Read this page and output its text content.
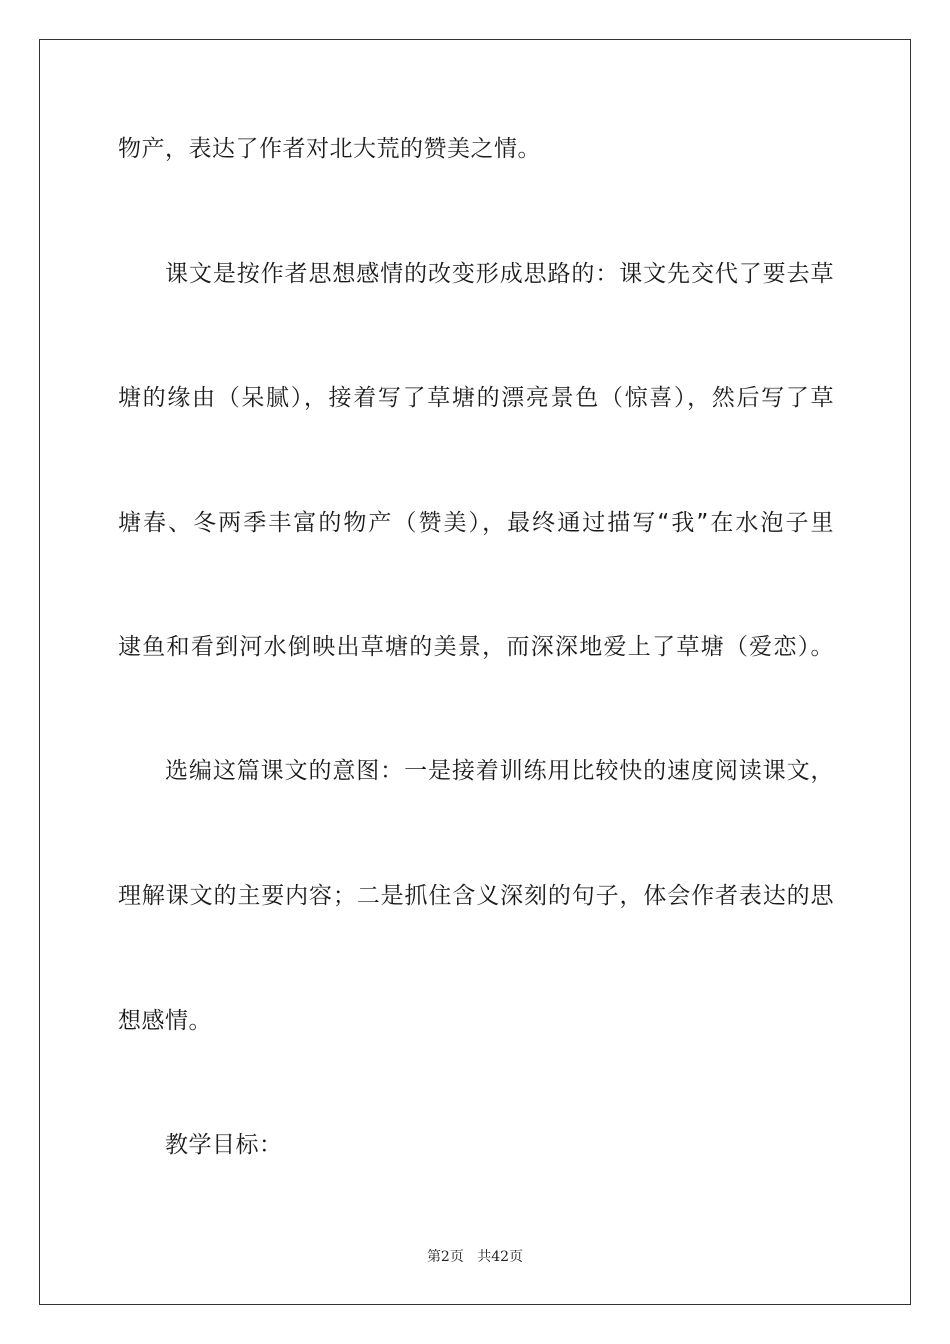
物产，表达了作者对北大荒的赞美之情。
课文是按作者思想感情的改变形成思路的：课文先交代了要去草
塘的缘由（呆腻），接着写了草塘的漂亮景色（惊喜），然后写了草
塘春、冬两季丰富的物产（赞美），最终通过描写“我”在水泡子里
逮鱼和看到河水倒映出草塘的美景，而深深地爱上了草塘（爱恋）。
选编这篇课文的意图：一是接着训练用比较快的速度阅读课文，
理解课文的主要内容；二是抓住含义深刻的句子，体会作者表达的思
想感情。
教学目标：
第2页 共42页
